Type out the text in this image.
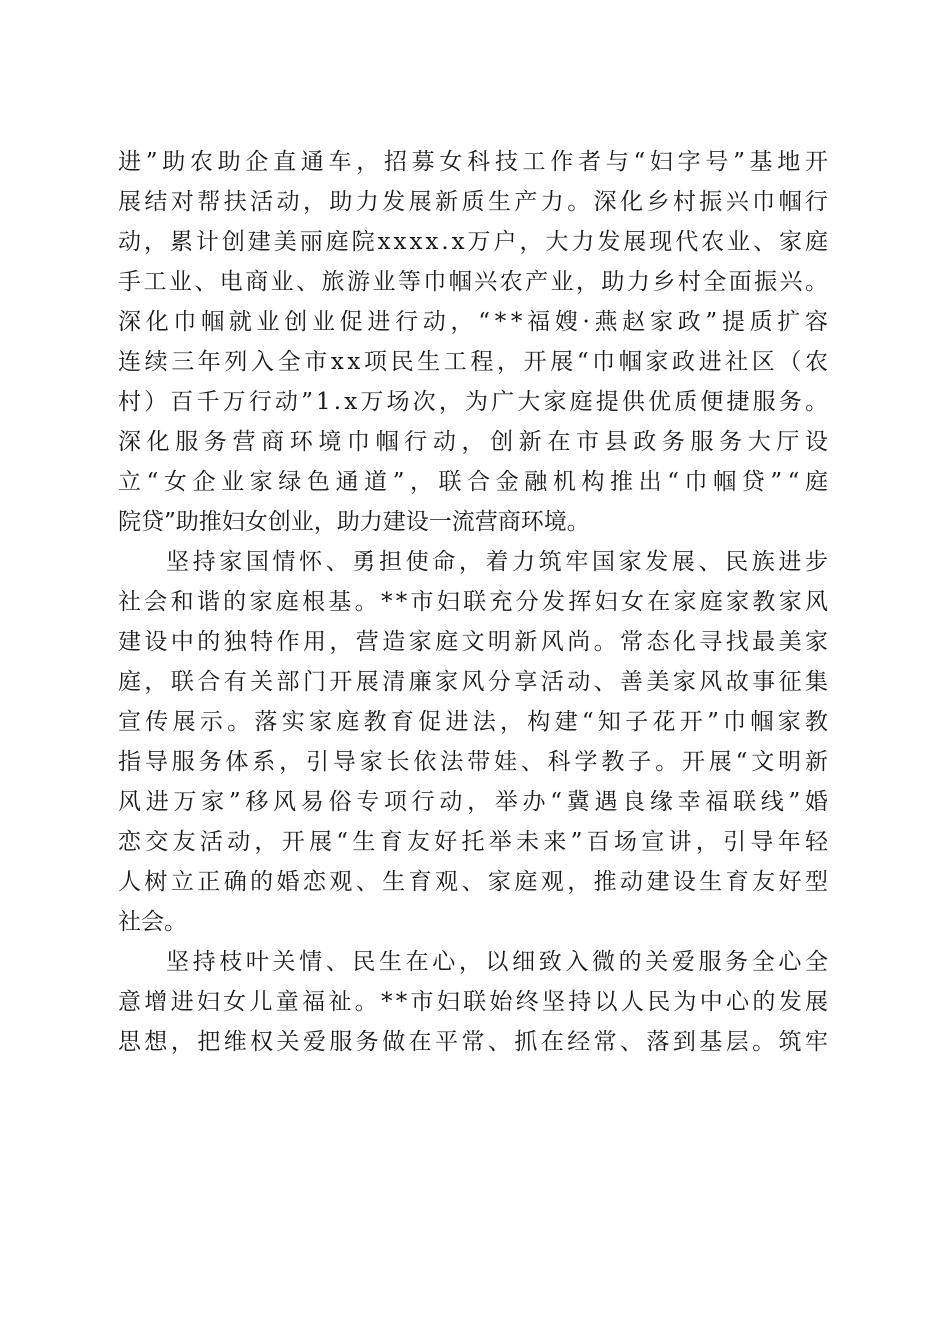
进”助农助企直通车，招募女科技工作者与“妇字号”基地开
展结对帮扶活动，助力发展新质生产力。深化乡村振兴巾帼行
动，累计创建美丽庭院xxxx.x万户，大力发展现代农业、家庭
手工业、电商业、旅游业等巾帼兴农产业，助力乡村全面振兴。
深化巾帼就业创业促进行动，“**福嫂·燕赵家政”提质扩容
连续三年列入全市xx项民生工程，开展“巾帼家政进社区（农
村）百千万行动”1.x万场次，为广大家庭提供优质便捷服务。
深化服务营商环境巾帼行动，创新在市县政务服务大厅设
立“女企业家绿色通道”，联合金融机构推出“巾帼贷”“庭
院贷”助推妇女创业，助力建设一流营商环境。
坚持家国情怀、勇担使命，着力筑牢国家发展、民族进步
社会和谐的家庭根基。**市妇联充分发挥妇女在家庭家教家风
建设中的独特作用，营造家庭文明新风尚。常态化寻找最美家
庭，联合有关部门开展清廉家风分享活动、善美家风故事征集
宣传展示。落实家庭教育促进法，构建“知子花开”巾帼家教
指导服务体系，引导家长依法带娃、科学教子。开展“文明新
风进万家”移风易俗专项行动，举办“冀遇良缘幸福联线”婚
恋交友活动，开展“生育友好托举未来”百场宣讲，引导年轻
人树立正确的婚恋观、生育观、家庭观，推动建设生育友好型
社会。
坚持枝叶关情、民生在心，以细致入微的关爱服务全心全
意增进妇女儿童福祉。**市妇联始终坚持以人民为中心的发展
思想，把维权关爱服务做在平常、抓在经常、落到基层。筑牢
